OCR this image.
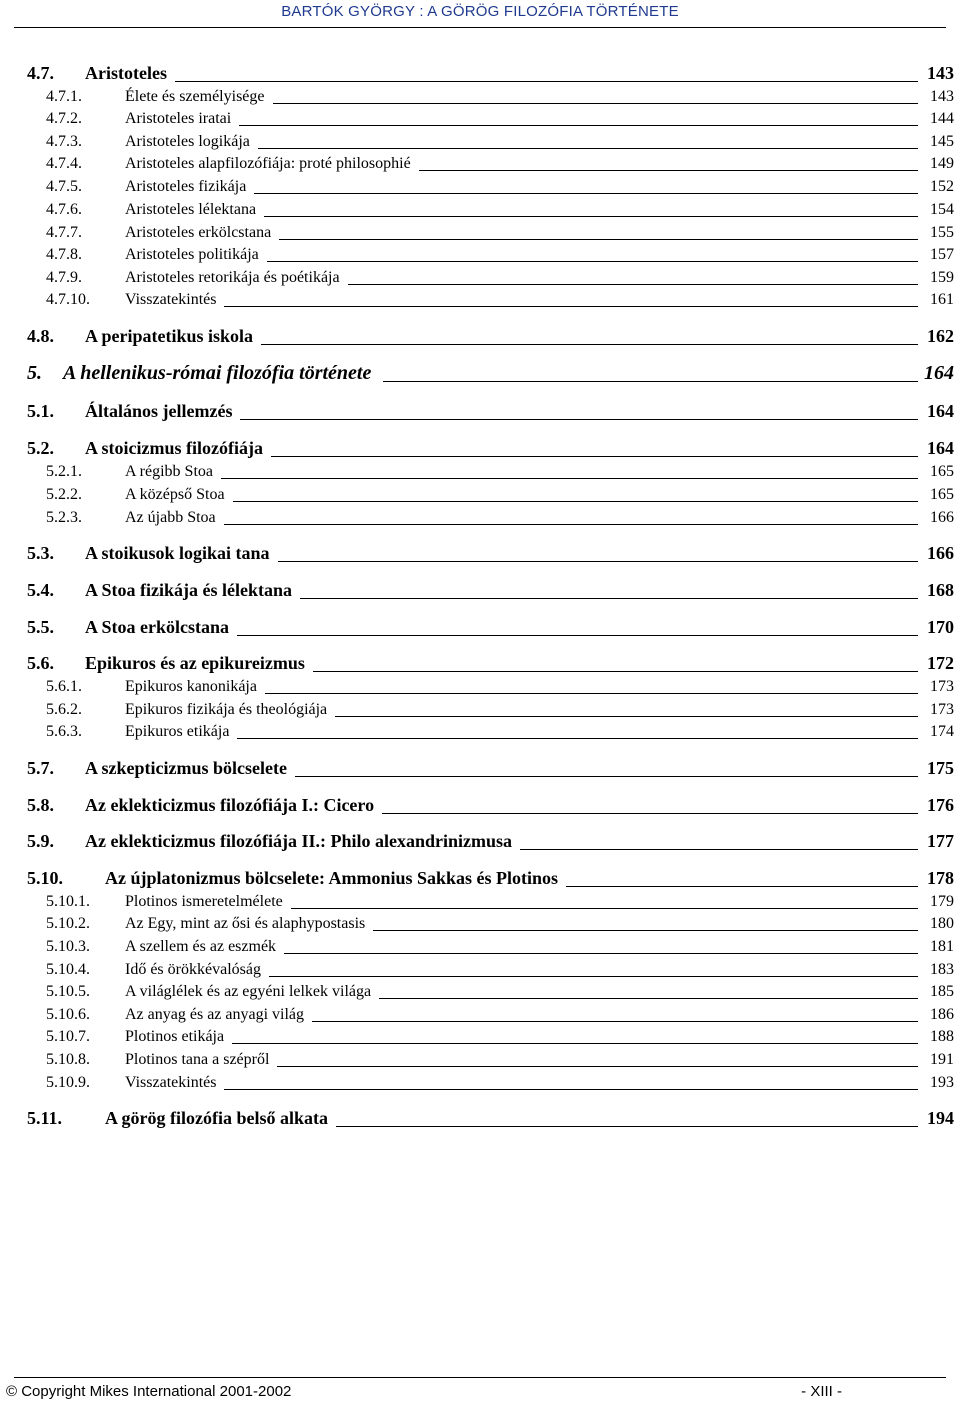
BARTÓK GYÖRGY : A GÖRÖG FILOZÓFIA TÖRTÉNETE
4.7.	Aristoteles	143
4.7.1.	Élete és személyisége	143
4.7.2.	Aristoteles iratai	144
4.7.3.	Aristoteles logikája	145
4.7.4.	Aristoteles alapfilozófiája: proté philosophié	149
4.7.5.	Aristoteles fizikája	152
4.7.6.	Aristoteles lélektana	154
4.7.7.	Aristoteles erkölcstana	155
4.7.8.	Aristoteles politikája	157
4.7.9.	Aristoteles retorikája és poétikája	159
4.7.10.	Visszatekintés	161
4.8.	A peripatetikus iskola	162
5.	A hellenikus-római filozófia története	164
5.1.	Általános jellemzés	164
5.2.	A stoicizmus filozófiája	164
5.2.1.	A régibb Stoa	165
5.2.2.	A középső Stoa	165
5.2.3.	Az újabb Stoa	166
5.3.	A stoikusok logikai tana	166
5.4.	A Stoa fizikája és lélektana	168
5.5.	A Stoa erkölcstana	170
5.6.	Epikuros és az epikureizmus	172
5.6.1.	Epikuros kanonikája	173
5.6.2.	Epikuros fizikája és theológiája	173
5.6.3.	Epikuros etikája	174
5.7.	A szkepticizmus bölcselete	175
5.8.	Az eklekticizmus filozófiája I.: Cicero	176
5.9.	Az eklekticizmus filozófiája II.: Philo alexandrinizmusa	177
5.10.	Az újplatonizmus bölcselete: Ammonius Sakkas és Plotinos	178
5.10.1.	Plotinos ismeretelmélete	179
5.10.2.	Az Egy, mint az ősi és alaphypostasis	180
5.10.3.	A szellem és az eszmék	181
5.10.4.	Idő és örökkévalóság	183
5.10.5.	A világlélek és az egyéni lelkek világa	185
5.10.6.	Az anyag és az anyagi világ	186
5.10.7.	Plotinos etikája	188
5.10.8.	Plotinos tana a szépről	191
5.10.9.	Visszatekintés	193
5.11.	A görög filozófia belső alkata	194
© Copyright Mikes International 2001-2002	- XIII -
